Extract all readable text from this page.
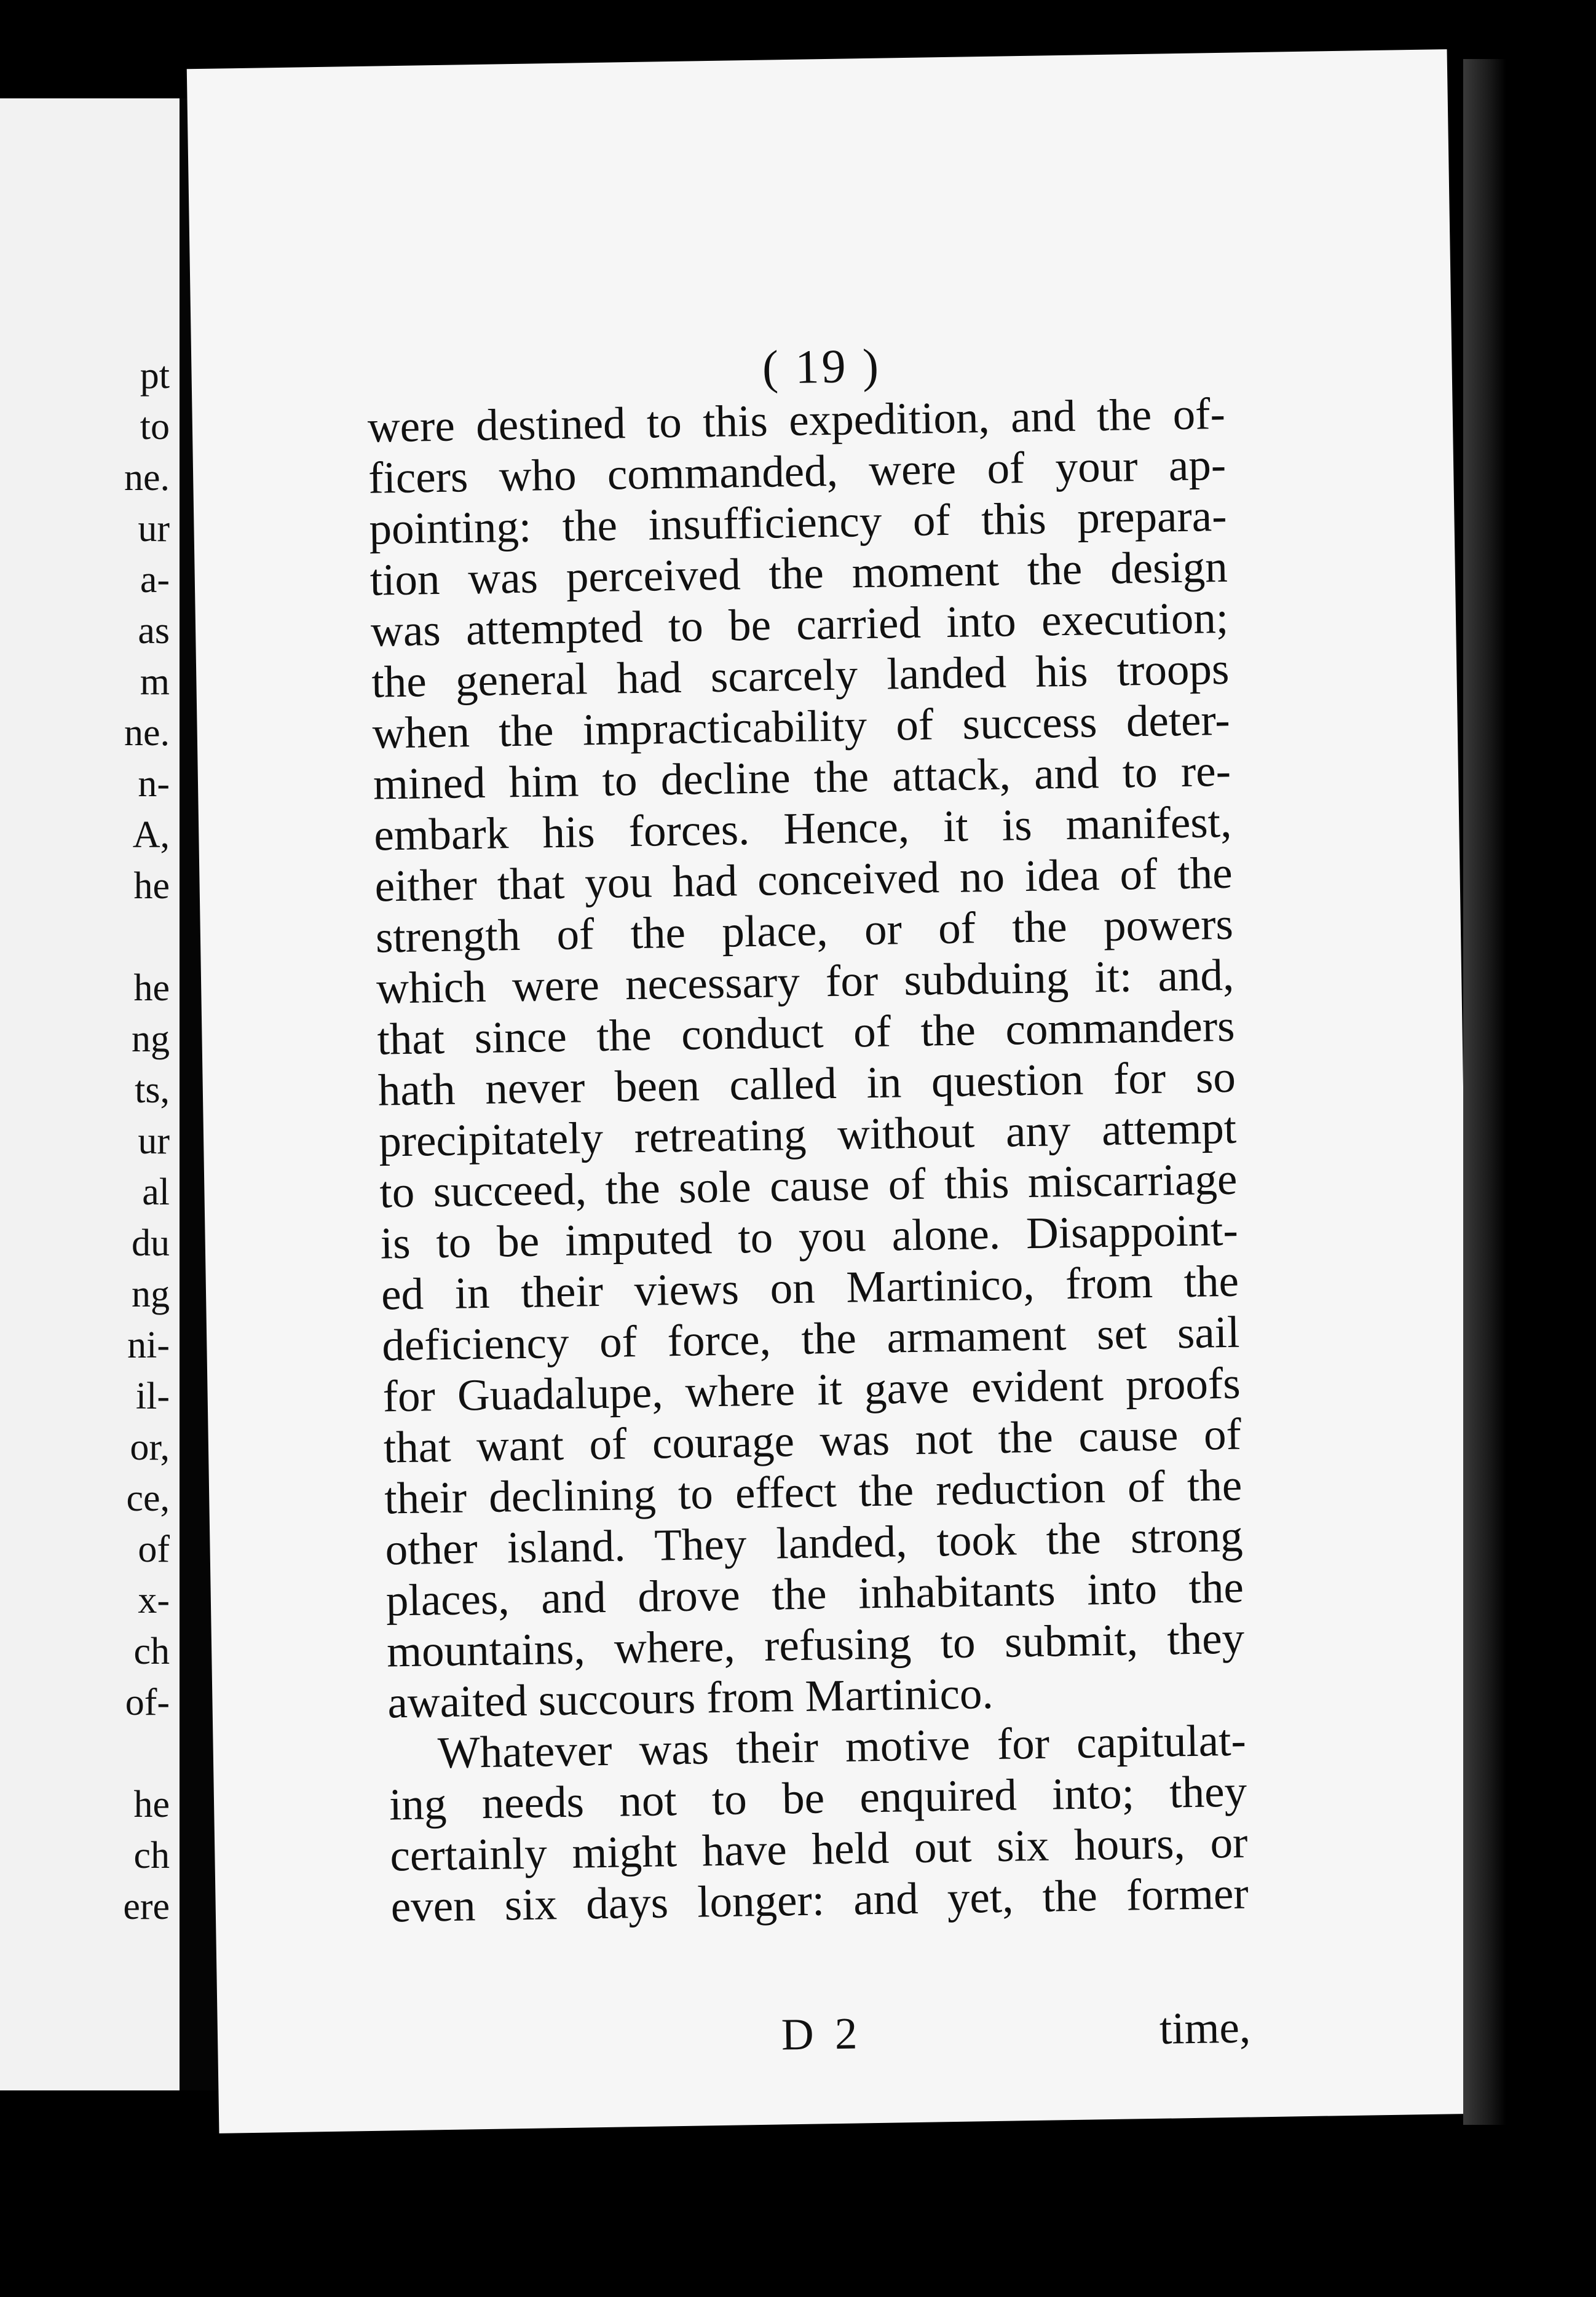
pt
to
ne.
ur
a-
as
m
ne.
n-
A,
he
he
ng
ts,
ur
al
du
ng
ni-
il-
or,
ce,
of
x-
ch
of-
he
ch
ere
( 19 )
were destined to this expedition, and the of-
ficers who commanded, were of your ap-
pointing: the insufficiency of this prepara-
tion was perceived the moment the design
was attempted to be carried into execution;
the general had scarcely landed his troops
when the impracticability of success deter-
mined him to decline the attack, and to re-
embark his forces. Hence, it is manifest,
either that you had conceived no idea of the
strength of the place, or of the powers
which were necessary for subduing it: and,
that since the conduct of the commanders
hath never been called in question for so
precipitately retreating without any attempt
to succeed, the sole cause of this miscarriage
is to be imputed to you alone. Disappoint-
ed in their views on Martinico, from the
deficiency of force, the armament set sail
for Guadalupe, where it gave evident proofs
that want of courage was not the cause of
their declining to effect the reduction of the
other island. They landed, took the strong
places, and drove the inhabitants into the
mountains, where, refusing to submit, they
awaited succours from Martinico.
Whatever was their motive for capitulat-
ing needs not to be enquired into; they
certainly might have held out six hours, or
even six days longer: and yet, the former
D 2	time,
